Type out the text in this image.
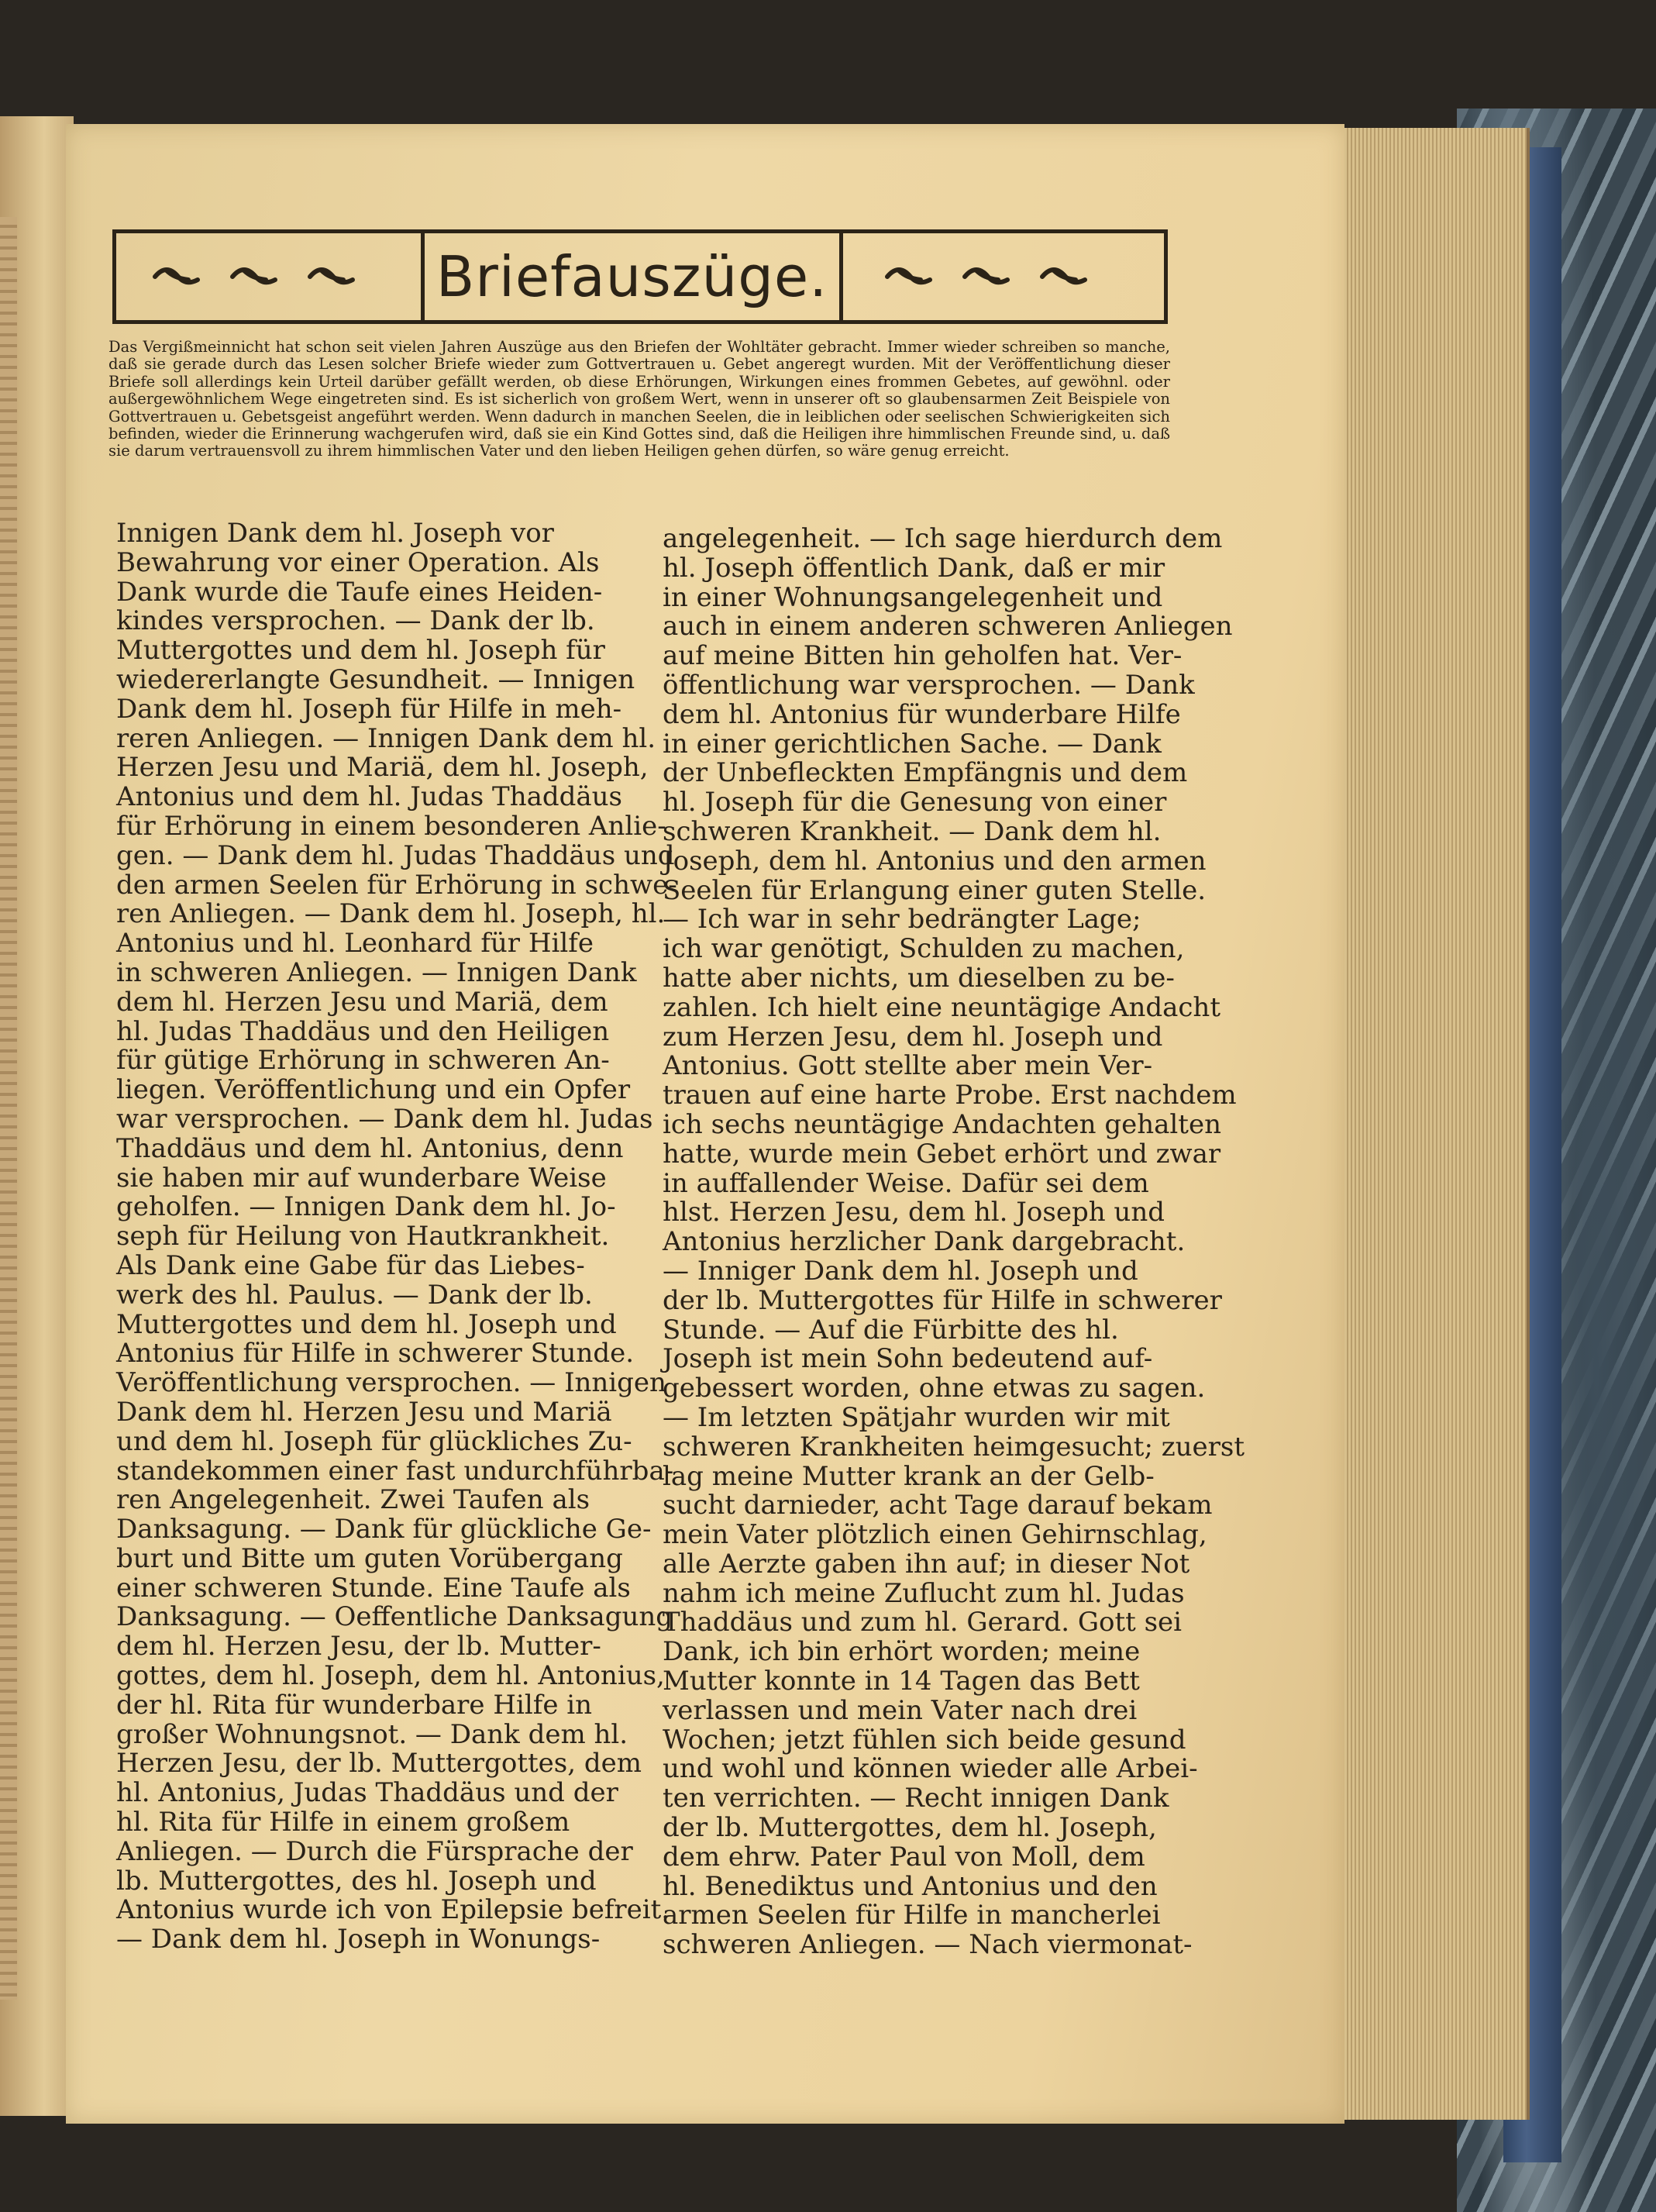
Briefauszüge.
Das Vergißmeinnicht hat schon seit vielen Jahren Auszüge aus den Briefen der Wohltäter gebracht. Immer wieder schreiben so manche, daß sie gerade durch das Lesen solcher Briefe wieder zum Gottvertrauen u. Gebet angeregt wurden. Mit der Veröffentlichung dieser Briefe soll allerdings kein Urteil darüber gefällt werden, ob diese Erhörungen, Wirkungen eines frommen Gebetes, auf gewöhnl. oder außergewöhnlichem Wege eingetreten sind. Es ist sicherlich von großem Wert, wenn in unserer oft so glaubensarmen Zeit Beispiele von Gottvertrauen u. Gebetsgeist angeführt werden. Wenn dadurch in manchen Seelen, die in leiblichen oder seelischen Schwierigkeiten sich befinden, wieder die Erinnerung wachgerufen wird, daß sie ein Kind Gottes sind, daß die Heiligen ihre himmlischen Freunde sind, u. daß sie darum vertrauensvoll zu ihrem himmlischen Vater und den lieben Heiligen gehen dürfen, so wäre genug erreicht.
Innigen Dank dem hl. Joseph vor
Bewahrung vor einer Operation. Als
Dank wurde die Taufe eines Heiden-
kindes versprochen. — Dank der lb.
Muttergottes und dem hl. Joseph für
wiedererlangte Gesundheit. — Innigen
Dank dem hl. Joseph für Hilfe in meh-
reren Anliegen. — Innigen Dank dem hl.
Herzen Jesu und Mariä, dem hl. Joseph,
Antonius und dem hl. Judas Thaddäus
für Erhörung in einem besonderen Anlie-
gen. — Dank dem hl. Judas Thaddäus und
den armen Seelen für Erhörung in schwe-
ren Anliegen. — Dank dem hl. Joseph, hl.
Antonius und hl. Leonhard für Hilfe
in schweren Anliegen. — Innigen Dank
dem hl. Herzen Jesu und Mariä, dem
hl. Judas Thaddäus und den Heiligen
für gütige Erhörung in schweren An-
liegen. Veröffentlichung und ein Opfer
war versprochen. — Dank dem hl. Judas
Thaddäus und dem hl. Antonius, denn
sie haben mir auf wunderbare Weise
geholfen. — Innigen Dank dem hl. Jo-
seph für Heilung von Hautkrankheit.
Als Dank eine Gabe für das Liebes-
werk des hl. Paulus. — Dank der lb.
Muttergottes und dem hl. Joseph und
Antonius für Hilfe in schwerer Stunde.
Veröffentlichung versprochen. — Innigen
Dank dem hl. Herzen Jesu und Mariä
und dem hl. Joseph für glückliches Zu-
standekommen einer fast undurchführba-
ren Angelegenheit. Zwei Taufen als
Danksagung. — Dank für glückliche Ge-
burt und Bitte um guten Vorübergang
einer schweren Stunde. Eine Taufe als
Danksagung. — Oeffentliche Danksagung
dem hl. Herzen Jesu, der lb. Mutter-
gottes, dem hl. Joseph, dem hl. Antonius,
der hl. Rita für wunderbare Hilfe in
großer Wohnungsnot. — Dank dem hl.
Herzen Jesu, der lb. Muttergottes, dem
hl. Antonius, Judas Thaddäus und der
hl. Rita für Hilfe in einem großem
Anliegen. — Durch die Fürsprache der
lb. Muttergottes, des hl. Joseph und
Antonius wurde ich von Epilepsie befreit.
— Dank dem hl. Joseph in Wonungs-
angelegenheit. — Ich sage hierdurch dem
hl. Joseph öffentlich Dank, daß er mir
in einer Wohnungsangelegenheit und
auch in einem anderen schweren Anliegen
auf meine Bitten hin geholfen hat. Ver-
öffentlichung war versprochen. — Dank
dem hl. Antonius für wunderbare Hilfe
in einer gerichtlichen Sache. — Dank
der Unbefleckten Empfängnis und dem
hl. Joseph für die Genesung von einer
schweren Krankheit. — Dank dem hl.
Joseph, dem hl. Antonius und den armen
Seelen für Erlangung einer guten Stelle.
— Ich war in sehr bedrängter Lage;
ich war genötigt, Schulden zu machen,
hatte aber nichts, um dieselben zu be-
zahlen. Ich hielt eine neuntägige Andacht
zum Herzen Jesu, dem hl. Joseph und
Antonius. Gott stellte aber mein Ver-
trauen auf eine harte Probe. Erst nachdem
ich sechs neuntägige Andachten gehalten
hatte, wurde mein Gebet erhört und zwar
in auffallender Weise. Dafür sei dem
hlst. Herzen Jesu, dem hl. Joseph und
Antonius herzlicher Dank dargebracht.
— Inniger Dank dem hl. Joseph und
der lb. Muttergottes für Hilfe in schwerer
Stunde. — Auf die Fürbitte des hl.
Joseph ist mein Sohn bedeutend auf-
gebessert worden, ohne etwas zu sagen.
— Im letzten Spätjahr wurden wir mit
schweren Krankheiten heimgesucht; zuerst
lag meine Mutter krank an der Gelb-
sucht darnieder, acht Tage darauf bekam
mein Vater plötzlich einen Gehirnschlag,
alle Aerzte gaben ihn auf; in dieser Not
nahm ich meine Zuflucht zum hl. Judas
Thaddäus und zum hl. Gerard. Gott sei
Dank, ich bin erhört worden; meine
Mutter konnte in 14 Tagen das Bett
verlassen und mein Vater nach drei
Wochen; jetzt fühlen sich beide gesund
und wohl und können wieder alle Arbei-
ten verrichten. — Recht innigen Dank
der lb. Muttergottes, dem hl. Joseph,
dem ehrw. Pater Paul von Moll, dem
hl. Benediktus und Antonius und den
armen Seelen für Hilfe in mancherlei
schweren Anliegen. — Nach viermonat-
